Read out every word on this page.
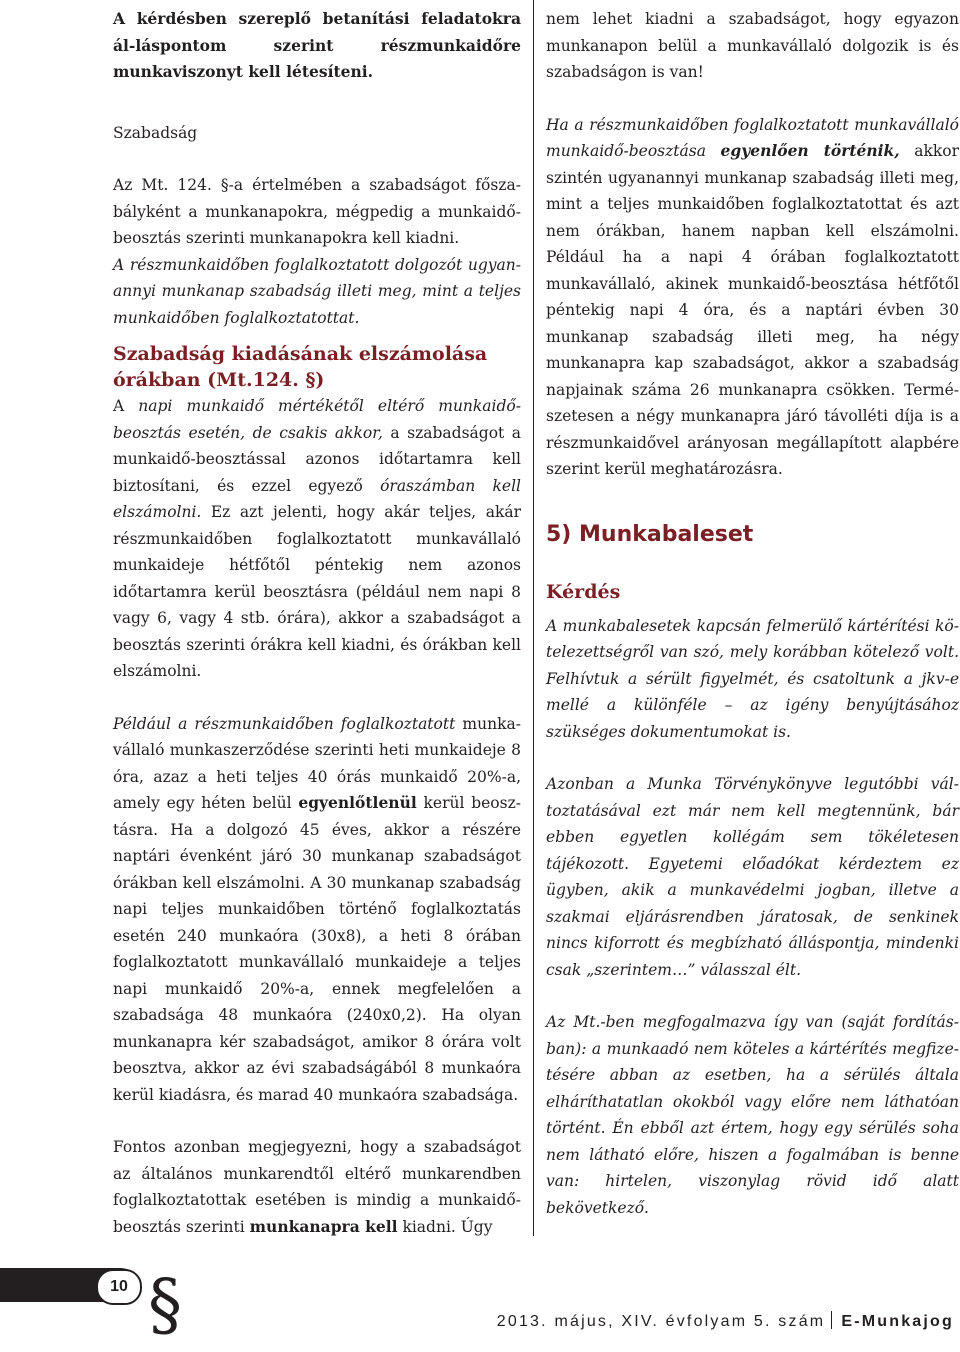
A kérdésben szereplő betanítási feladatokra ál-láspontom szerint részmunkaidőre munkaviszonyt kell létesíteni.

Szabadság

Az Mt. 124. §-a értelmében a szabadságot főszabályként a munkanapokra, mégpedig a munkaidőbeosztás szerinti munkanapokra kell kiadni.

A részmunkaidőben foglalkoztatott dolgozót ugyanannyi munkanap szabadság illeti meg, mint a teljes munkaidőben foglalkoztatottat.

Szabadság kiadásának elszámolása órákban (Mt.124. §)

A napi munkaidő mértékétől eltérő munkaidő-beosztás esetén, de csakis akkor, a szabadságot a munkaidő-beosztással azonos időtartamra kell biztosítani, és ezzel egyező óraszámban kell elszámolni. Ez azt jelenti, hogy akár teljes, akár részmunkaidőben foglalkoztatott munkavállaló munkaideje hétfőtől péntekig nem azonos időtartamra kerül beosztásra (például nem napi 8 vagy 6, vagy 4 stb. órára), akkor a szabadságot a beosztás szerinti órákra kell kiadni, és órákban kell elszámolni.

Például a részmunkaidőben foglalkoztatott munkavállaló munkaszerződése szerinti heti munkaideje 8 óra, azaz a heti teljes 40 órás munkaidő 20%-a, amely egy héten belül egyenlőtlenül kerül beosztásra. Ha a dolgozó 45 éves, akkor a részére naptári évenként járó 30 munkanap szabadságot órákban kell elszámolni. A 30 munkanap szabadság napi teljes munkaidőben történő foglalkoztatás esetén 240 munkaóra (30x8), a heti 8 órában foglalkoztatott munkavállaló munkaideje a teljes napi munkaidő 20%-a, ennek megfelelően a szabadsága 48 munkaóra (240x0,2). Ha olyan munkanapra kér szabadságot, amikor 8 órára volt beosztva, akkor az évi szabadságából 8 munkaóra kerül kiadásra, és marad 40 munkaóra szabadsága.

Fontos azonban megjegyezni, hogy a szabadságot az általános munkarendtől eltérő munkarendben foglalkoztatottak esetében is mindig a munkaidőbeosztás szerinti munkanapra kell kiadni. Úgy

nem lehet kiadni a szabadságot, hogy egyazon munkanapon belül a munkavállaló dolgozik is és szabadságon is van!

Ha a részmunkaidőben foglalkoztatott munkavállaló munkaidő-beosztása egyenlően történik, akkor szintén ugyanannyi munkanap szabadság illeti meg, mint a teljes munkaidőben foglalkoztatottat és azt nem órákban, hanem napban kell elszámolni. Például ha a napi 4 órában foglalkoztatott munkavállaló, akinek munkaidő-beosztása hétfőtől péntekig napi 4 óra, és a naptári évben 30 munkanap szabadság illeti meg, ha négy munkanapra kap szabadságot, akkor a szabadság napjainak száma 26 munkanapra csökken. Természetesen a négy munkanapra járó távolléti díja is a részmunkaidővel arányosan megállapított alapbére szerint kerül meghatározásra.

5) Munkabaleset
Kérdés

A munkabalesetek kapcsán felmerülő kártérítési kötelezettségről van szó, mely korábban kötelező volt. Felhívtuk a sérült figyelmét, és csatoltunk a jkv-e mellé a különféle – az igény benyújtásához szükséges dokumentumokat is.

Azonban a Munka Törvénykönyve legutóbbi változtatásával ezt már nem kell megtennünk, bár ebben egyetlen kollégám sem tökéletesen tájékozott. Egyetemi előadókat kérdeztem ez ügyben, akik a munkavédelmi jogban, illetve a szakmai eljárásrendben járatosak, de senkinek nincs kiforrott és megbízható álláspontja, mindenki csak „szerintem…” válasszal élt.

Az Mt.-ben megfogalmazva így van (saját fordításban): a munkaadó nem köteles a kártérítés megfizetésére abban az esetben, ha a sérülés általa elháríthatatlan okokból vagy előre nem láthatóan történt. Én ebből azt értem, hogy egy sérülés soha nem látható előre, hiszen a fogalmában is benne van: hirtelen, viszonylag rövid idő alatt bekövetkező.

10 §	2013. május, XIV. évfolyam 5. szám E-Munkajog
